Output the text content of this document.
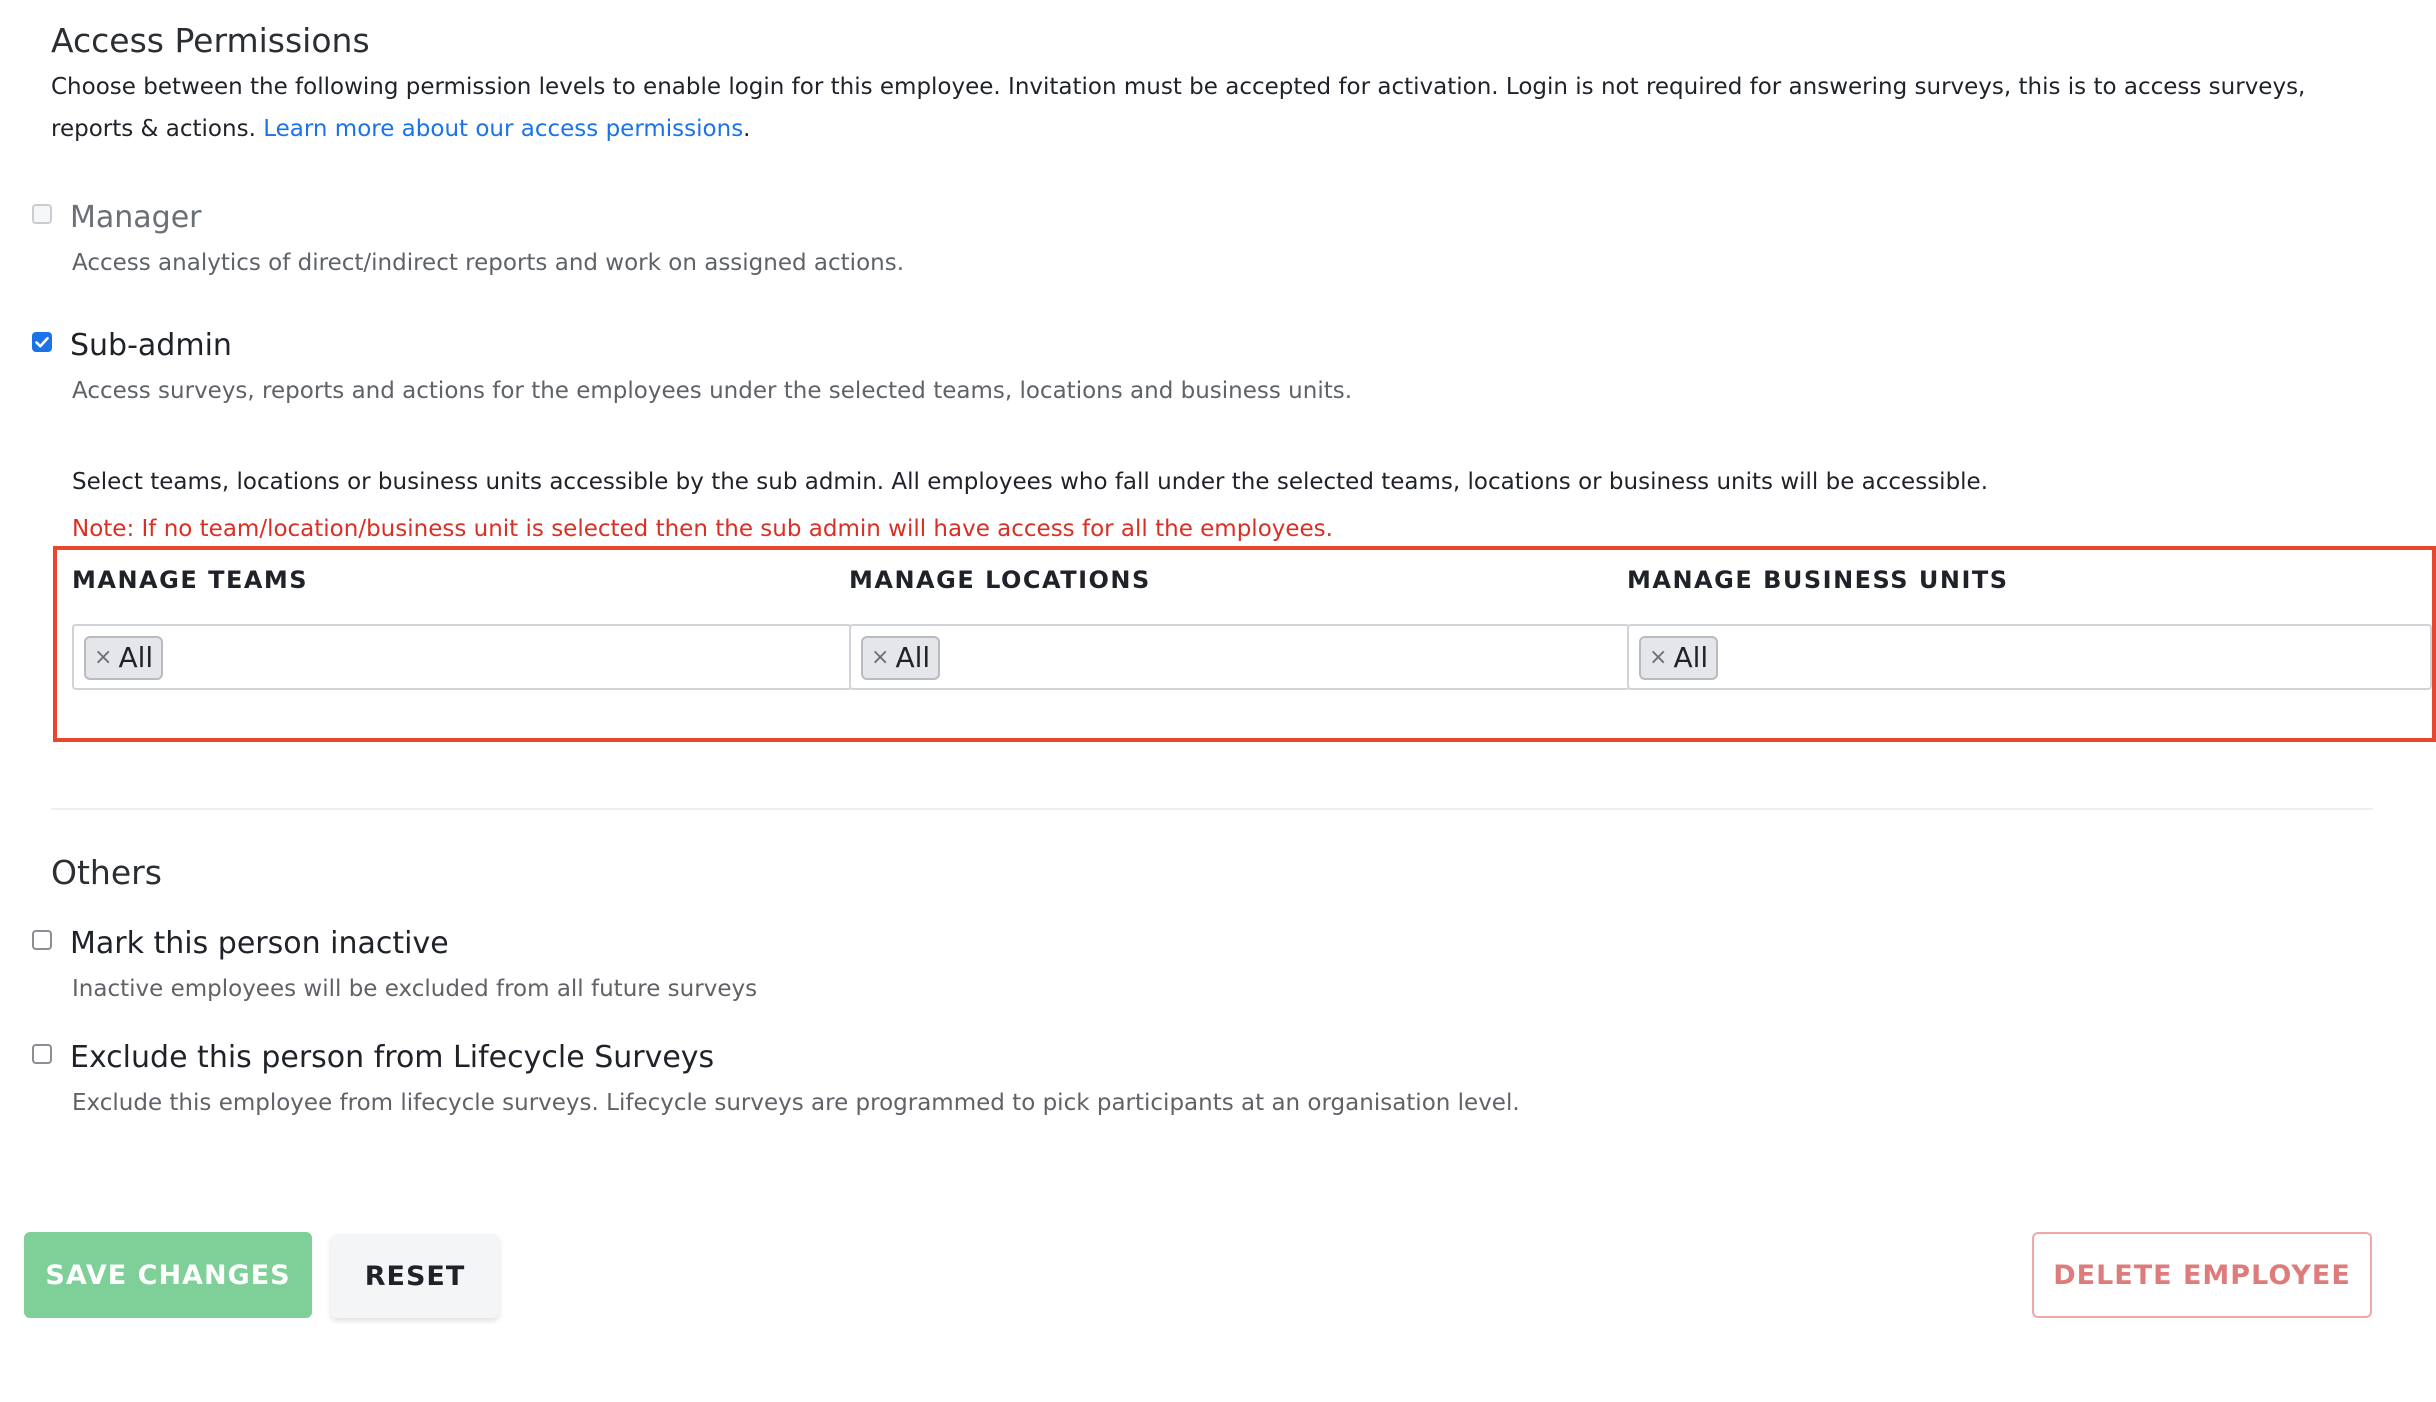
Access Permissions
Choose between the following permission levels to enable login for this employee. Invitation must be accepted for activation. Login is not required for answering surveys, this is to access surveys, reports & actions. Learn more about our access permissions.
Manager
Access analytics of direct/indirect reports and work on assigned actions.
Sub-admin
Access surveys, reports and actions for the employees under the selected teams, locations and business units.
Select teams, locations or business units accessible by the sub admin. All employees who fall under the selected teams, locations or business units will be accessible.
Note: If no team/location/business unit is selected then the sub admin will have access for all the employees.
MANAGE TEAMS	MANAGE LOCATIONS	MANAGE BUSINESS UNITS
× All	× All	× All
Others
Mark this person inactive
Inactive employees will be excluded from all future surveys
Exclude this person from Lifecycle Surveys
Exclude this employee from lifecycle surveys. Lifecycle surveys are programmed to pick participants at an organisation level.
SAVE CHANGES	RESET	DELETE EMPLOYEE
